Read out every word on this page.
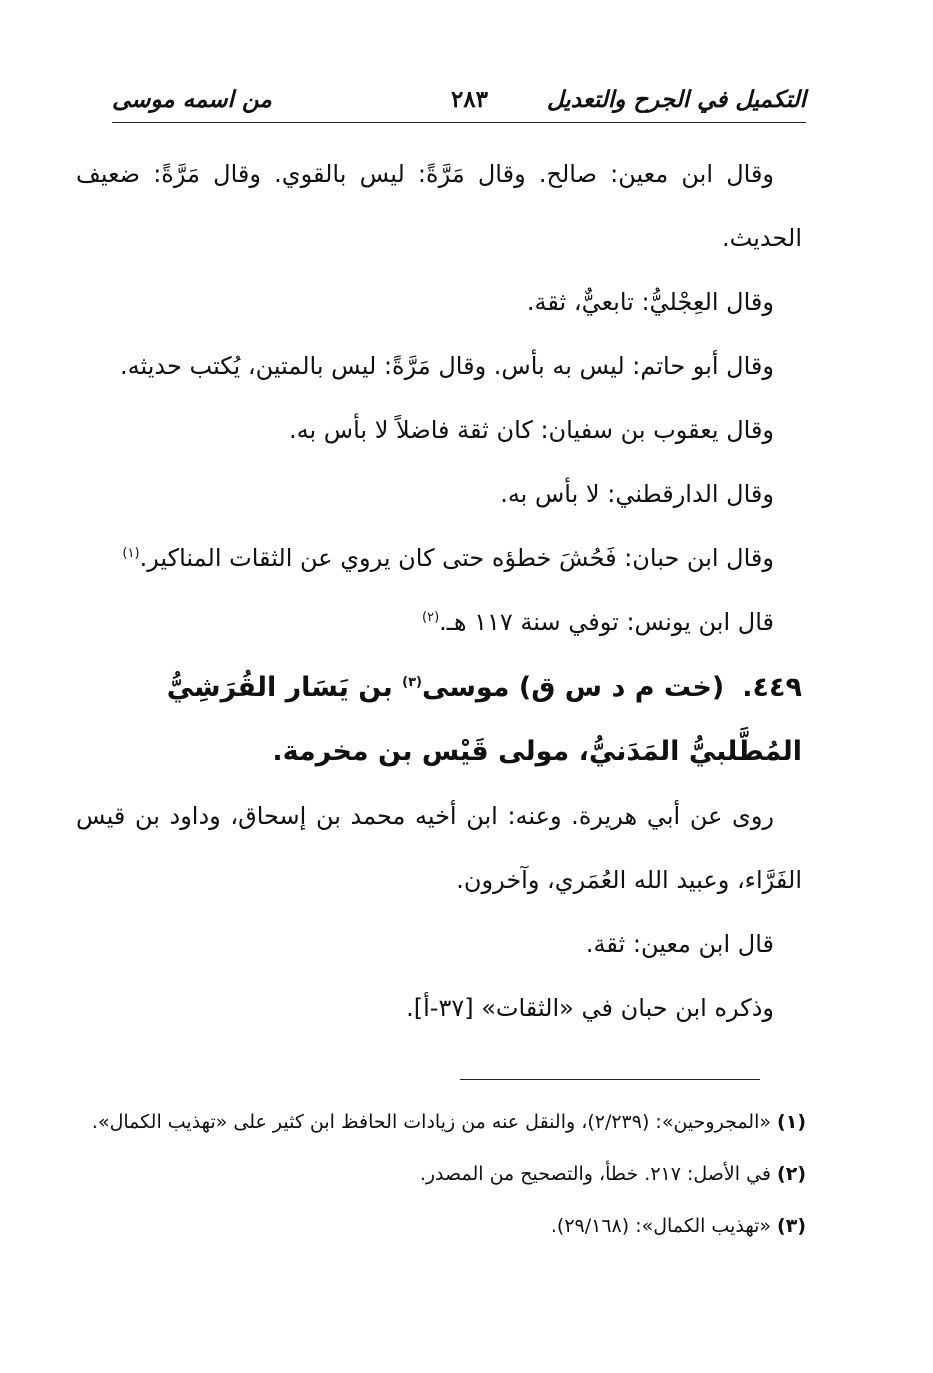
التكميل في الجرح والتعديل
٢٨٣
من اسمه موسى

وقال ابن معين: صالح. وقال مَرَّةً: ليس بالقوي. وقال مَرَّةً: ضعيف الحديث.

وقال العِجْليُّ: تابعيٌّ، ثقة.

وقال أبو حاتم: ليس به بأس. وقال مَرَّةً: ليس بالمتين، يُكتب حديثه.

وقال يعقوب بن سفيان: كان ثقة فاضلاً لا بأس به.

وقال الدارقطني: لا بأس به.

وقال ابن حبان: فَحُشَ خطؤه حتى كان يروي عن الثقات المناكير.$^{(١)}$

قال ابن يونس: توفي سنة ١١٧ هـ.$^{(٢)}$

٤٤٩.(خت م د س ق) موسى$^{(٣)}$ بن يَسَار القُرَشِيُّ المُطَّلبيُّ المَدَنيُّ، مولى قَيْس بن مخرمة.

روى عن أبي هريرة. وعنه: ابن أخيه محمد بن إسحاق، وداود بن قيس الفَرَّاء، وعبيد الله العُمَري، وآخرون.

قال ابن معين: ثقة.

وذكره ابن حبان في «الثقات» [٣٧-أ].

(١)«المجروحين»: (٢/٢٣٩)، والنقل عنه من زيادات الحافظ ابن كثير على «تهذيب الكمال».

(٢)في الأصل: ٢١٧. خطأ، والتصحيح من المصدر.

(٣)«تهذيب الكمال»: (٢٩/١٦٨).
